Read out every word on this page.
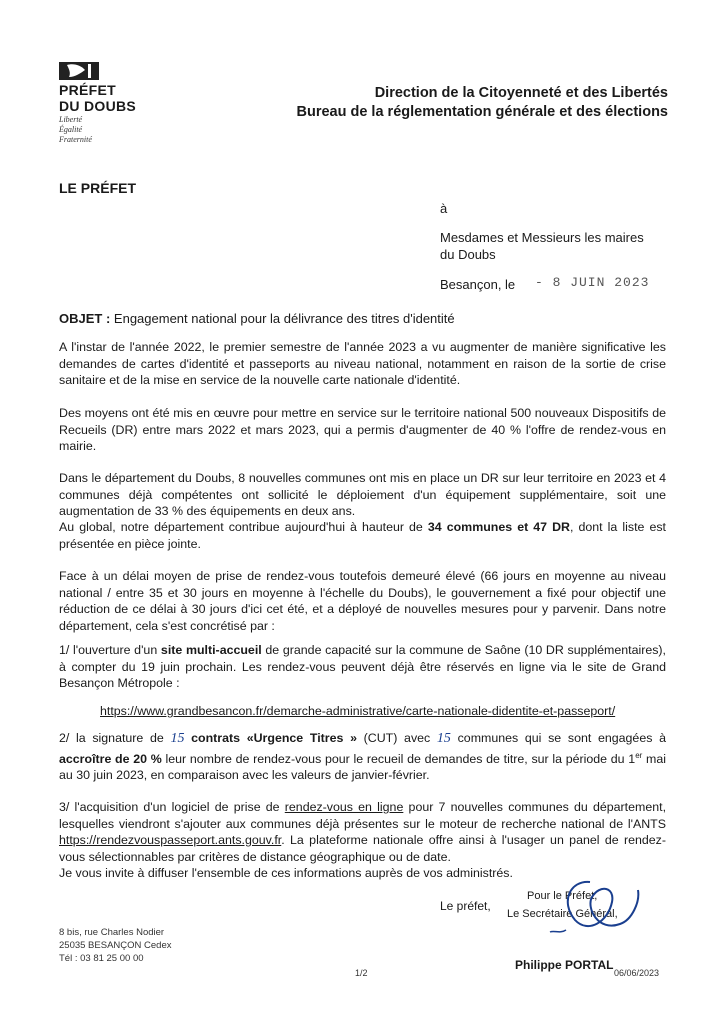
PRÉFET
DU DOUBS
Liberté
Égalité
Fraternité
Direction de la Citoyenneté et des Libertés
Bureau de la réglementation générale et des élections
LE PRÉFET
à
Mesdames et Messieurs les maires
du Doubs
Besançon, le - 8 JUIN 2023
OBJET : Engagement national pour la délivrance des titres d'identité
A l'instar de l'année 2022, le premier semestre de l'année 2023 a vu augmenter de manière significative les demandes de cartes d'identité et passeports au niveau national, notamment en raison de la sortie de crise sanitaire et de la mise en service de la nouvelle carte nationale d'identité.
Des moyens ont été mis en œuvre pour mettre en service sur le territoire national 500 nouveaux Dispositifs de Recueils (DR) entre mars 2022 et mars 2023, qui a permis d'augmenter de 40 % l'offre de rendez-vous en mairie.
Dans le département du Doubs, 8 nouvelles communes ont mis en place un DR sur leur territoire en 2023 et 4 communes déjà compétentes ont sollicité le déploiement d'un équipement supplémentaire, soit une augmentation de 33 % des équipements en deux ans.
Au global, notre département contribue aujourd'hui à hauteur de 34 communes et 47 DR, dont la liste est présentée en pièce jointe.
Face à un délai moyen de prise de rendez-vous toutefois demeuré élevé (66 jours en moyenne au niveau national / entre 35 et 30 jours en moyenne à l'échelle du Doubs), le gouvernement a fixé pour objectif une réduction de ce délai à 30 jours d'ici cet été, et a déployé de nouvelles mesures pour y parvenir. Dans notre département, cela s'est concrétisé par :
1/ l'ouverture d'un site multi-accueil de grande capacité sur la commune de Saône (10 DR supplémentaires), à compter du 19 juin prochain. Les rendez-vous peuvent déjà être réservés en ligne via le site de Grand Besançon Métropole :
https://www.grandbesancon.fr/demarche-administrative/carte-nationale-didentite-et-passeport/
2/ la signature de 15 contrats «Urgence Titres » (CUT) avec 15 communes qui se sont engagées à accroître de 20 % leur nombre de rendez-vous pour le recueil de demandes de titre, sur la période du 1er mai au 30 juin 2023, en comparaison avec les valeurs de janvier-février.
3/ l'acquisition d'un logiciel de prise de rendez-vous en ligne pour 7 nouvelles communes du département, lesquelles viendront s'ajouter aux communes déjà présentes sur le moteur de recherche national de l'ANTS https://rendezvouspasseport.ants.gouv.fr. La plateforme nationale offre ainsi à l'usager un panel de rendez-vous sélectionnables par critères de distance géographique ou de date.
Je vous invite à diffuser l'ensemble de ces informations auprès de vos administrés.
Le préfet,
Pour le Préfet,
Le Secrétaire Général,
Philippe PORTAL
8 bis, rue Charles Nodier
25035 BESANÇON Cedex
Tél : 03 81 25 00 00
1/2	06/06/2023
